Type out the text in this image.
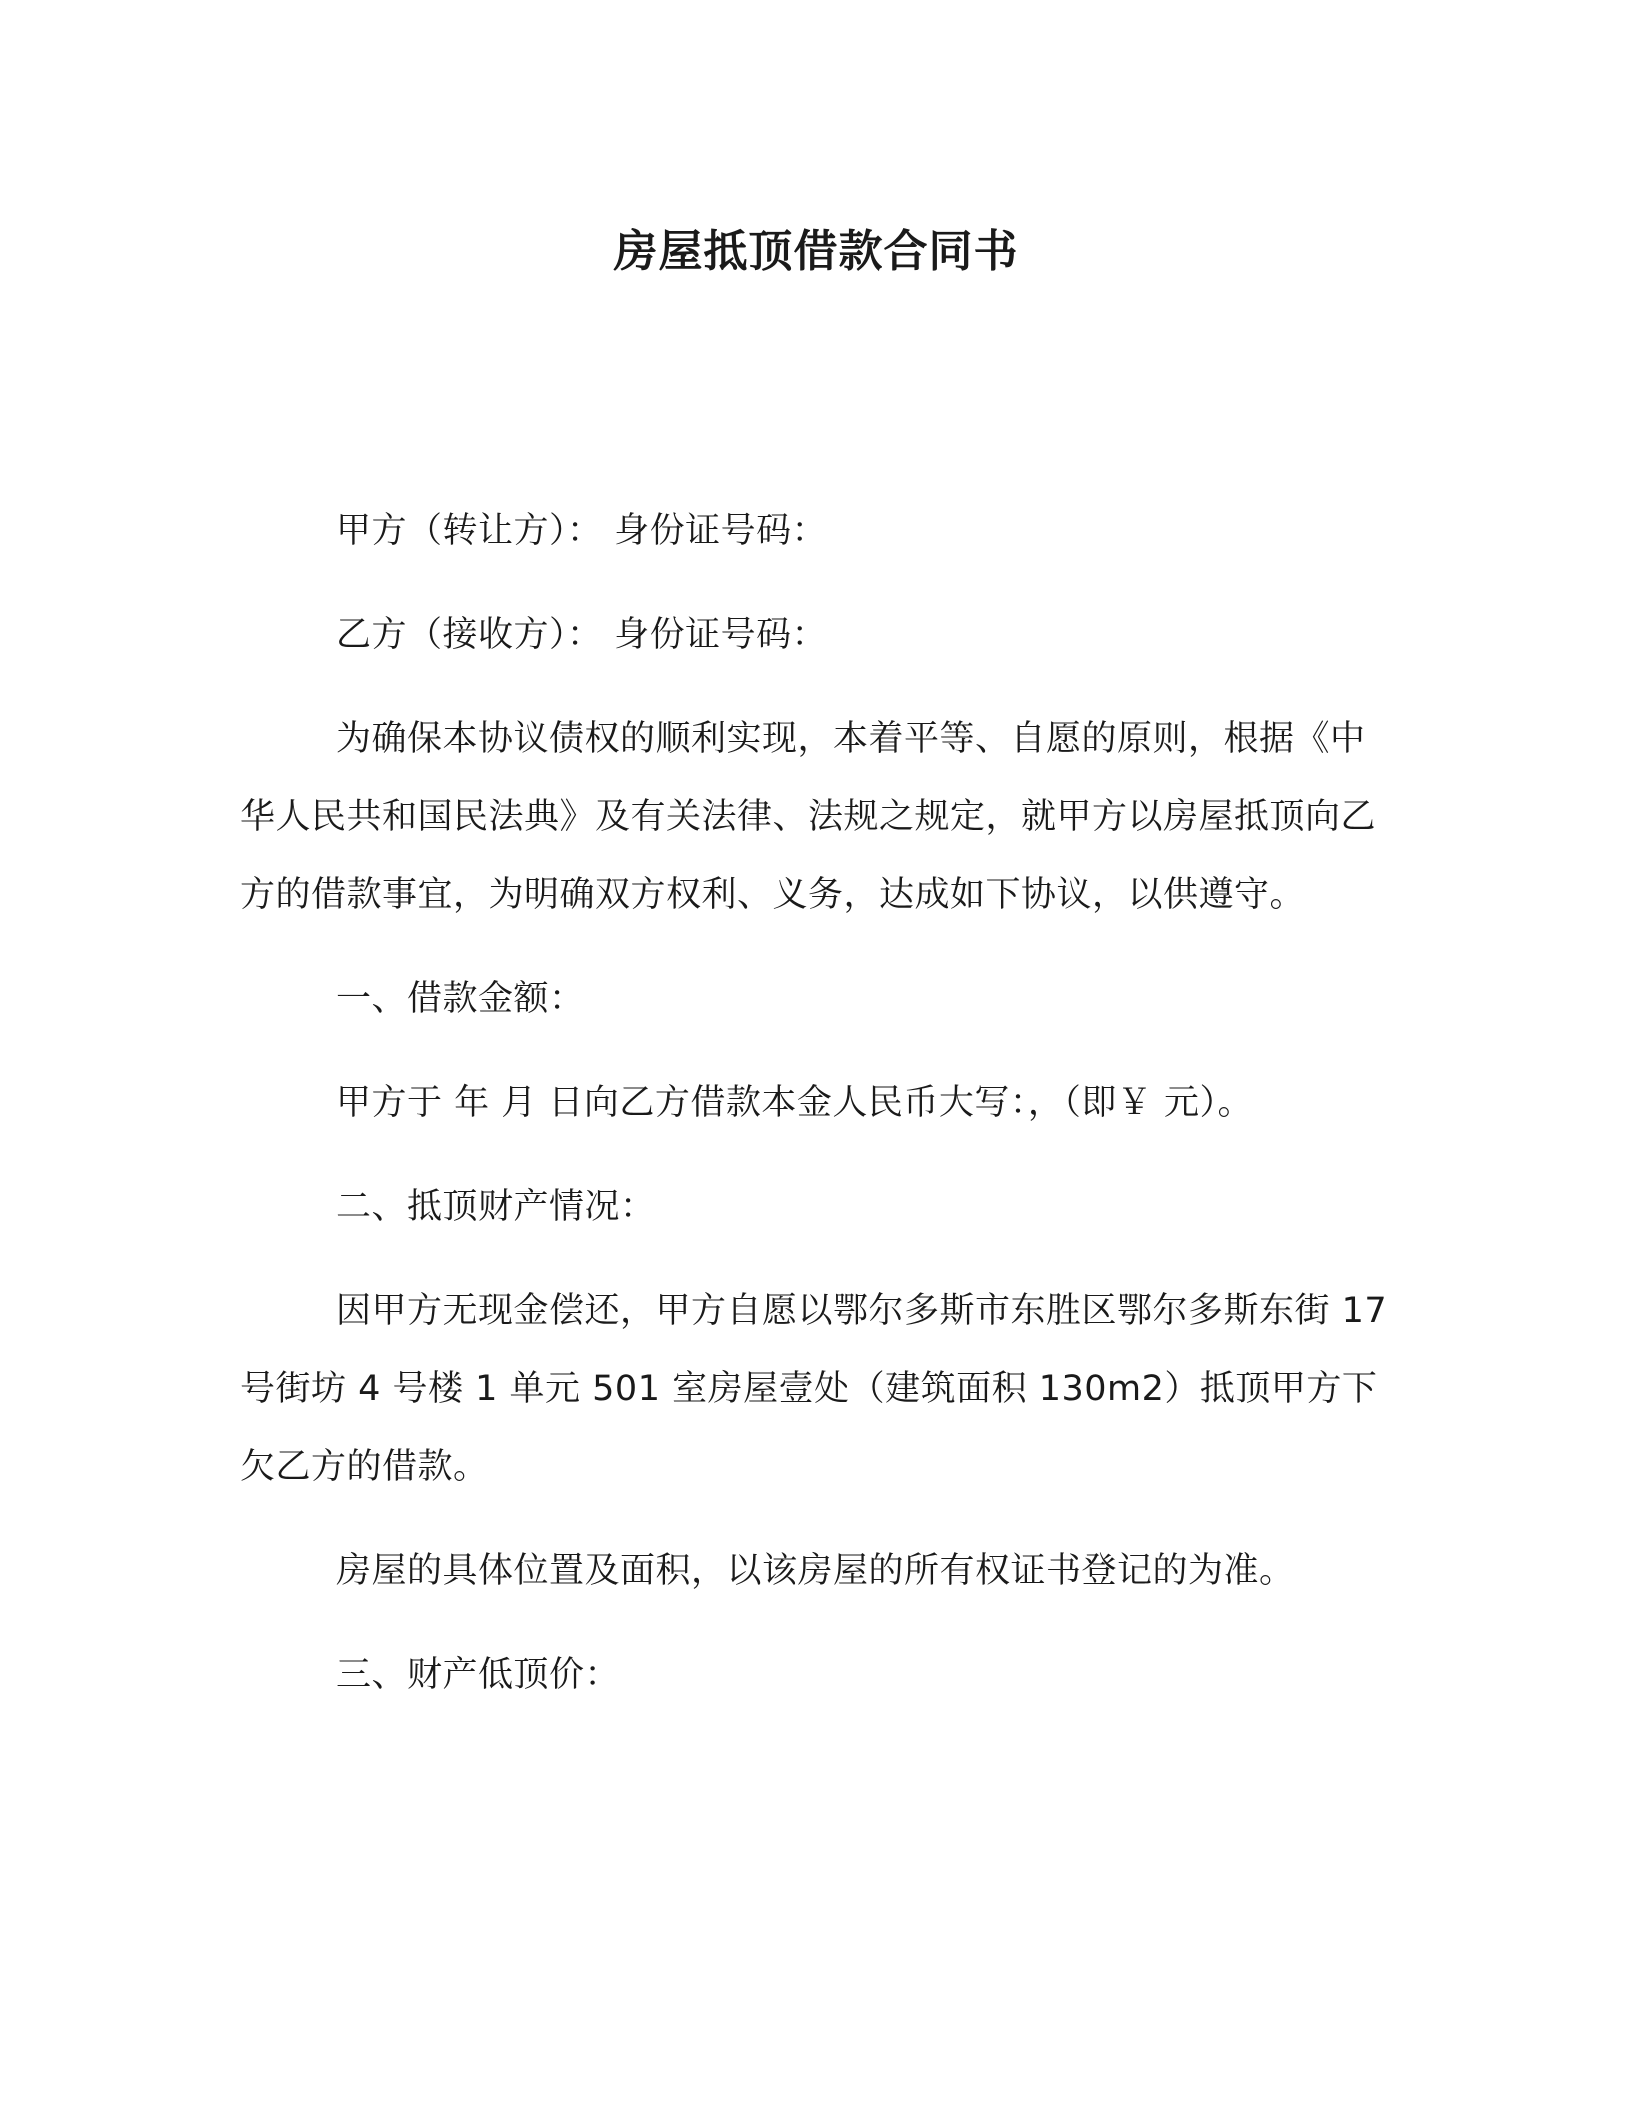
房屋抵顶借款合同书

甲方（转让方）： 身份证号码：

乙方（接收方）： 身份证号码：

为确保本协议债权的顺利实现，本着平等、自愿的原则，根据《中华人民共和国民法典》及有关法律、法规之规定，就甲方以房屋抵顶向乙方的借款事宜，为明确双方权利、义务，达成如下协议，以供遵守。

一、借款金额：

甲方于 年 月 日向乙方借款本金人民币大写：，（即￥ 元）。

二、抵顶财产情况：

因甲方无现金偿还，甲方自愿以鄂尔多斯市东胜区鄂尔多斯东街 17 号街坊 4 号楼 1 单元 501 室房屋壹处（建筑面积 130m2）抵顶甲方下欠乙方的借款。

房屋的具体位置及面积，以该房屋的所有权证书登记的为准。

三、财产低顶价：
